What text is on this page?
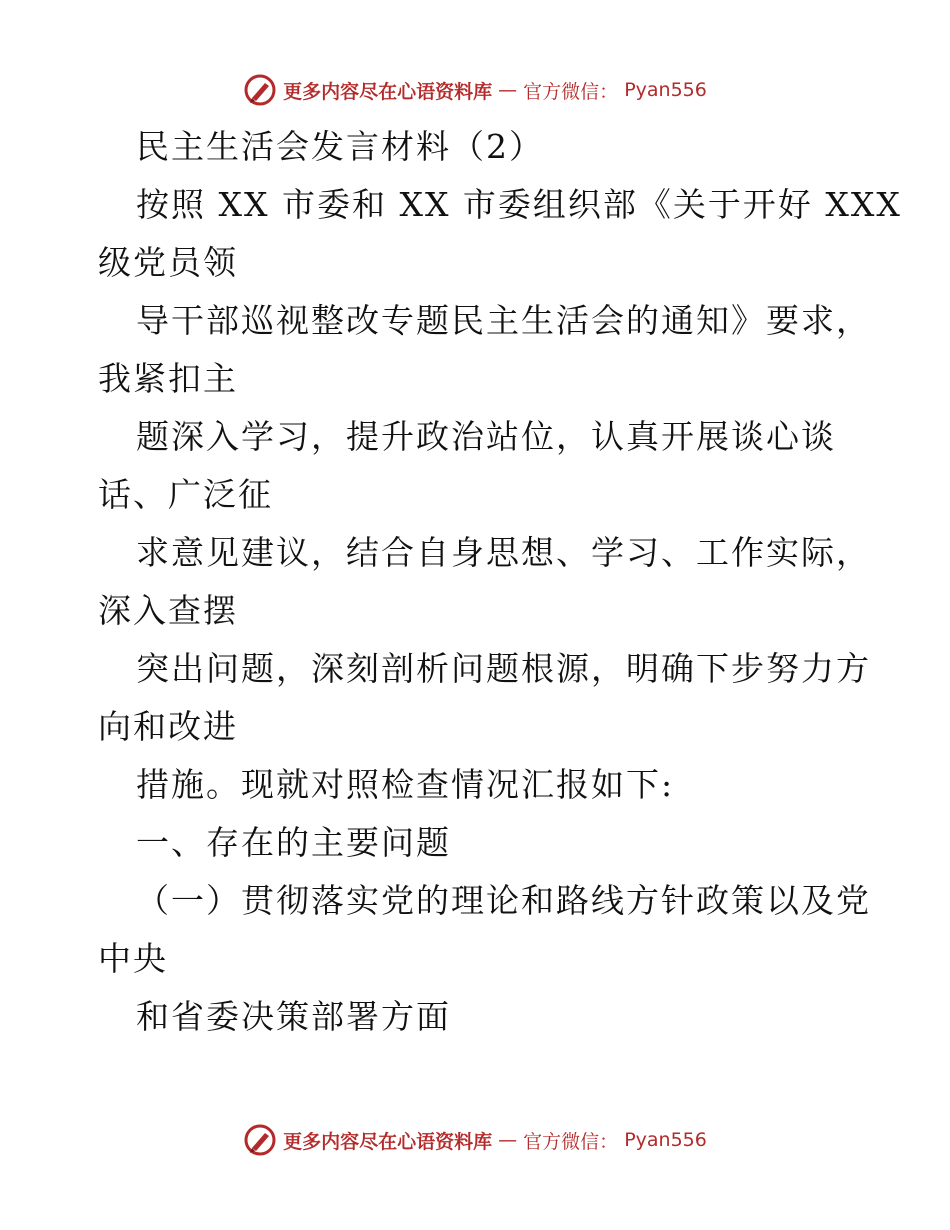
更多内容尽在心语资料库 — 官方微信： Pyan556
民主生活会发言材料（2）
按照 XX 市委和 XX 市委组织部《关于开好 XXX
级党员领
导干部巡视整改专题民主生活会的通知》要求，
我紧扣主
题深入学习，提升政治站位，认真开展谈心谈
话、广泛征
求意见建议，结合自身思想、学习、工作实际，
深入查摆
突出问题，深刻剖析问题根源，明确下步努力方
向和改进
措施。现就对照检查情况汇报如下:
一、存在的主要问题
（一）贯彻落实党的理论和路线方针政策以及党
中央
和省委决策部署方面
更多内容尽在心语资料库 — 官方微信： Pyan556
